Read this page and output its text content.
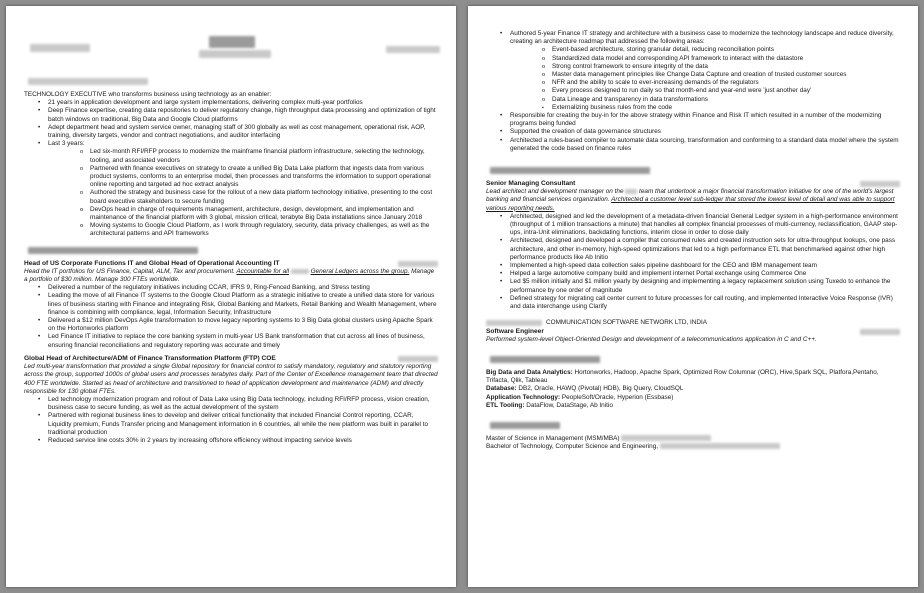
TECHNOLOGY EXECUTIVE who transforms business using technology as an enabler:
• 21 years in application development and large system implementations, delivering complex multi-year portfolios
• Deep Finance expertise, creating data repositories to deliver regulatory change, high throughput data processing and optimization of tight batch windows on traditional, Big Data and Google Cloud platforms
• Adept department head and system service owner, managing staff of 300 globally as well as cost management, operational risk, AOP, training, diversity targets, vendor and contract negotiations, and auditor interfacing
• Last 3 years:
o Led six-month RFI/RFP process to modernize the mainframe financial platform infrastructure, selecting the technology, tooling, and associated vendors
o Partnered with finance executives on strategy to create a unified Big Data Lake platform that ingests data from various product systems, conforms to an enterprise model, then processes and transforms the information to support operational online reporting and targeted ad hoc extract analysis
o Authored the strategy and business case for the rollout of a new data platform technology initiative, presenting to the cost board executive stakeholders to secure funding
o DevOps head in charge of requirements management, architecture, design, development, and implementation and maintenance of the financial platform with 3 global, mission critical, terabyte Big Data installations since January 2018
o Moving systems to Google Cloud Platform, as I work through regulatory, security, data privacy challenges, as well as the architectural patterns and API frameworks
Head of US Corporate Functions IT and Global Head of Operational Accounting IT
Head the IT portfolios for US Finance, Capital, ALM, Tax and procurement. Accountable for all	General Ledgers across the group. Manage a portfolio of $30 million. Manage 300 FTEs worldwide.
• Delivered a number of the regulatory initiatives including CCAR, IFRS 9, Ring-Fenced Banking, and Stress testing
• Leading the move of all Finance IT systems to the Google Cloud Platform as a strategic initiative to create a unified data store for various lines of business starting with Finance and integrating Risk, Global Banking and Markets, Retail Banking and Wealth Management, where finance is combining with compliance, legal, Information Security, Infrastructure
• Delivered a $12 million DevOps Agile transformation to move legacy reporting systems to 3 Big Data global clusters using Apache Spark on the Hortonworks platform
• Led Finance IT initiative to replace the core banking system in multi-year US Bank transformation that cut across all lines of business, ensuring financial reconciliations and regulatory reporting was accurate and timely
Global Head of Architecture/ADM of Finance Transformation Platform (FTP) COE
Led multi-year transformation that provided a single Global repository for financial control to satisfy mandatory, regulatory and statutory reporting across the group, supported 1000s of global users and processes terabytes daily. Part of the Center of Excellence management team that directed 400 FTE worldwide. Started as head of architecture and transitioned to head of application development and maintenance (ADM) and directly responsible for 130 global FTEs.
• Led technology modernization program and rollout of Data Lake using Big Data technology, including RFI/RFP process, vision creation, business case to secure funding, as well as the actual development of the system
• Partnered with regional business lines to develop and deliver critical functionality that included Financial Control reporting, CCAR, Liquidity premium, Funds Transfer pricing and Management information in 6 countries, all while the new platform was built in parallel to traditional production
• Reduced service line costs 30% in 2 years by increasing offshore efficiency without impacting service levels
• Authored 5-year Finance IT strategy and architecture with a business case to modernize the technology landscape and reduce diversity, creating an architecture roadmap that addressed the following areas:
o Event-based architecture, storing granular detail, reducing reconciliation points
o Standardized data model and corresponding API framework to interact with the datastore
o Strong control framework to ensure integrity of the data
o Master data management principles like Change Data Capture and creation of trusted customer sources
o NFR and the ability to scale to ever-increasing demands of the regulators
o Every process designed to run daily so that month-end and year-end were 'just another day'
o Data Lineage and transparency in data transformations
▪ Externalizing business rules from the code
• Responsible for creating the buy-in for the above strategy within Finance and Risk IT which resulted in a number of the modernizing programs being funded
• Supported the creation of data governance structures
• Architected a rules-based compiler to automate data sourcing, transformation and conforming to a standard data model where the system generated the code based on finance rules
Senior Managing Consultant
Lead architect and development manager on the  team that undertook a major financial transformation initiative for one of the world's largest banking and financial services organization. Architected a customer level sub-ledger that stored the lowest level of detail and was able to support various reporting needs.
• Architected, designed and led the development of a metadata-driven financial General Ledger system in a high-performance environment (throughput of 1 million transactions a minute) that handles all complex financial processes of multi-currency, reclassification, GAAP step-ups, intra-Unit eliminations, backdating functions, interim close in order to close daily
• Architected, designed and developed a compiler that consumed rules and created instruction sets for ultra-throughput lookups, one pass architecture, and other in-memory, high-speed optimizations that led to a high performance ETL that benchmarked against other high performance products like Ab Initio
• Implemented a high-speed data collection sales pipeline dashboard for the CEO and IBM management team
• Helped a large automotive company build and implement internet Portal exchange using Commerce One
• Led $5 million initially and $1 million yearly by designing and implementing a legacy replacement solution using Tuxedo to enhance the performance by one order of magnitude
• Defined strategy for migrating call center current to future processes for call routing, and implemented Interactive Voice Response (IVR) and data interchange using Clarify
COMMUNICATION SOFTWARE NETWORK LTD, INDIA
Software Engineer
Performed system-level Object-Oriented Design and development of a telecommunications application in C and C++.
Big Data and Data Analytics: Hortonworks, Hadoop, Apache Spark, Optimized Row Columnar (ORC), Hive,Spark SQL, Platfora,Pentaho, Trifacta, Qlik, Tableau
Database: DB2, Oracle, HAWQ (Pivotal) HDB), Big Query, CloudSQL
Application Technology: PeopleSoft/Oracle, Hyperion (Essbase)
ETL Tooling: DataFlow, DataStage, Ab Initio
Master of Science in Management (MSM/MBA)
Bachelor of Technology, Computer Science and Engineering,
